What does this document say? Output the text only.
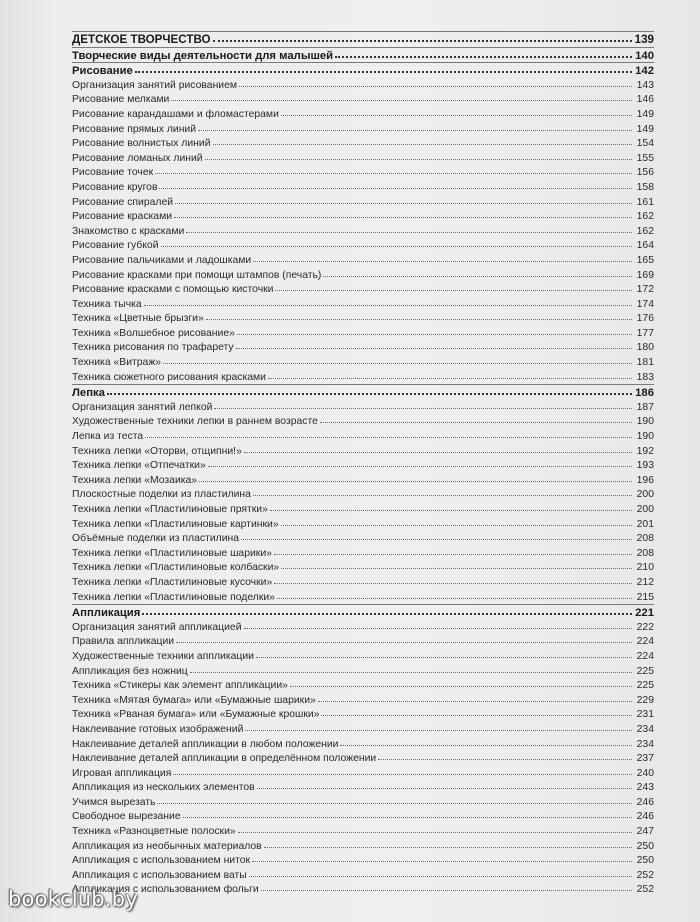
ДЕТСКОЕ ТВОРЧЕСТВО	139
Творческие виды деятельности для малышей	140
Рисование	142
Организация занятий рисованием	143
Рисование мелками	146
Рисование карандашами и фломастерами	149
Рисование прямых линий	149
Рисование волнистых линий	154
Рисование ломаных линий	155
Рисование точек	156
Рисование кругов	158
Рисование спиралей	161
Рисование красками	162
Знакомство с красками	162
Рисование губкой	164
Рисование пальчиками и ладошками	165
Рисование красками при помощи штампов (печать)	169
Рисование красками с помощью кисточки	172
Техника тычка	174
Техника «Цветные брызги»	176
Техника «Волшебное рисование»	177
Техника рисования по трафарету	180
Техника «Витраж»	181
Техника сюжетного рисования красками	183
Лепка	186
Организация занятий лепкой	187
Художественные техники лепки в раннем возрасте	190
Лепка из теста	190
Техника лепки «Оторви, отщипни!»	192
Техника лепки «Отпечатки»	193
Техника лепки «Мозаика»	196
Плоскостные поделки из пластилина	200
Техника лепки «Пластилиновые прятки»	200
Техника лепки «Пластилиновые картинки»	201
Объёмные поделки из пластилина	208
Техника лепки «Пластилиновые шарики»	208
Техника лепки «Пластилиновые колбаски»	210
Техника лепки «Пластилиновые кусочки»	212
Техника лепки «Пластилиновые поделки»	215
Аппликация	221
Организация занятий аппликацией	222
Правила аппликации	224
Художественные техники аппликации	224
Аппликация без ножниц	225
Техника «Стикеры как элемент аппликации»	225
Техника «Мятая бумага» или «Бумажные шарики»	229
Техника «Рваная бумага» или «Бумажные крошки»	231
Наклеивание готовых изображений	234
Наклеивание деталей аппликации в любом положении	234
Наклеивание деталей аппликации в определённом положении	237
Игровая аппликация	240
Аппликация из нескольких элементов	243
Учимся вырезать	246
Свободное вырезание	246
Техника «Разноцветные полоски»	247
Аппликация из необычных материалов	250
Аппликация с использованием ниток	250
Аппликация с использованием ваты	252
Аппликация с использованием фольги	252
bookclub.by
